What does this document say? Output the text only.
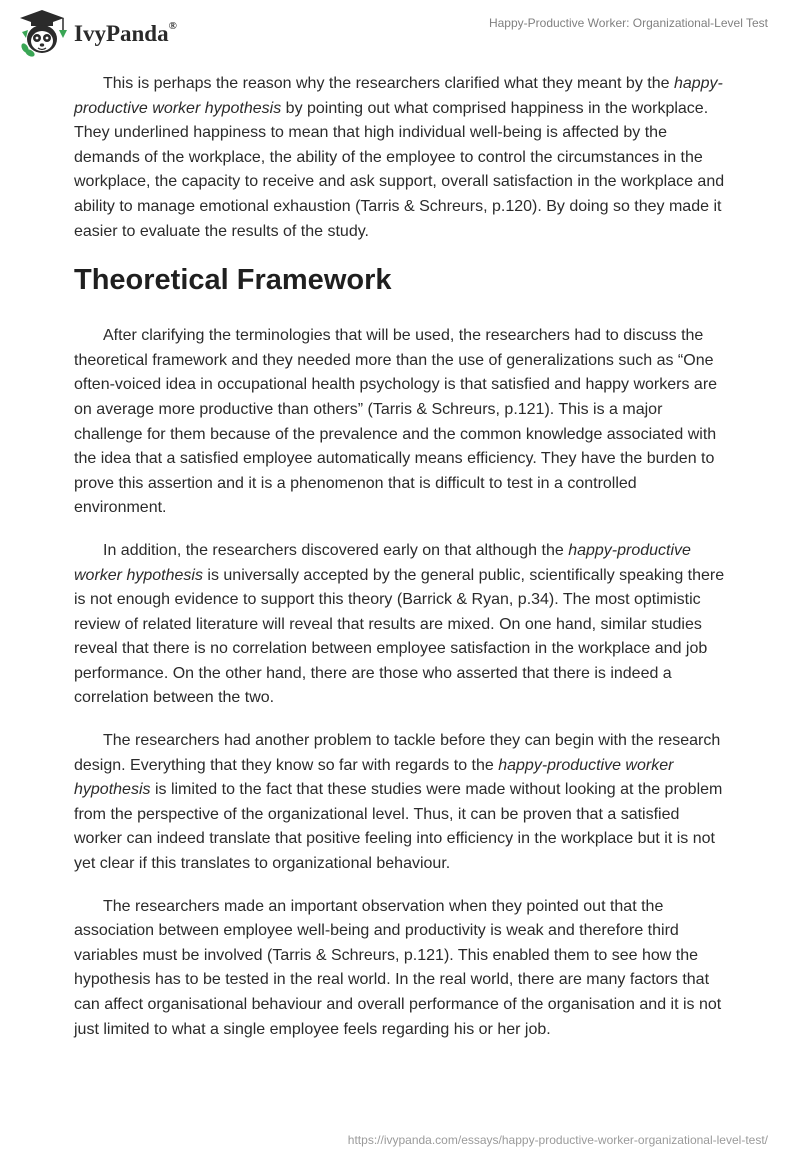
IvyPanda®	Happy-Productive Worker: Organizational-Level Test

This is perhaps the reason why the researchers clarified what they meant by the happy-productive worker hypothesis by pointing out what comprised happiness in the workplace. They underlined happiness to mean that high individual well-being is affected by the demands of the workplace, the ability of the employee to control the circumstances in the workplace, the capacity to receive and ask support, overall satisfaction in the workplace and ability to manage emotional exhaustion (Tarris & Schreurs, p.120). By doing so they made it easier to evaluate the results of the study.

Theoretical Framework

After clarifying the terminologies that will be used, the researchers had to discuss the theoretical framework and they needed more than the use of generalizations such as “One often-voiced idea in occupational health psychology is that satisfied and happy workers are on average more productive than others” (Tarris & Schreurs, p.121). This is a major challenge for them because of the prevalence and the common knowledge associated with the idea that a satisfied employee automatically means efficiency. They have the burden to prove this assertion and it is a phenomenon that is difficult to test in a controlled environment.

In addition, the researchers discovered early on that although the happy-productive worker hypothesis is universally accepted by the general public, scientifically speaking there is not enough evidence to support this theory (Barrick & Ryan, p.34). The most optimistic review of related literature will reveal that results are mixed. On one hand, similar studies reveal that there is no correlation between employee satisfaction in the workplace and job performance. On the other hand, there are those who asserted that there is indeed a correlation between the two.

The researchers had another problem to tackle before they can begin with the research design. Everything that they know so far with regards to the happy-productive worker hypothesis is limited to the fact that these studies were made without looking at the problem from the perspective of the organizational level. Thus, it can be proven that a satisfied worker can indeed translate that positive feeling into efficiency in the workplace but it is not yet clear if this translates to organizational behaviour.

The researchers made an important observation when they pointed out that the association between employee well-being and productivity is weak and therefore third variables must be involved (Tarris & Schreurs, p.121). This enabled them to see how the hypothesis has to be tested in the real world. In the real world, there are many factors that can affect organisational behaviour and overall performance of the organisation and it is not just limited to what a single employee feels regarding his or her job.

https://ivypanda.com/essays/happy-productive-worker-organizational-level-test/
